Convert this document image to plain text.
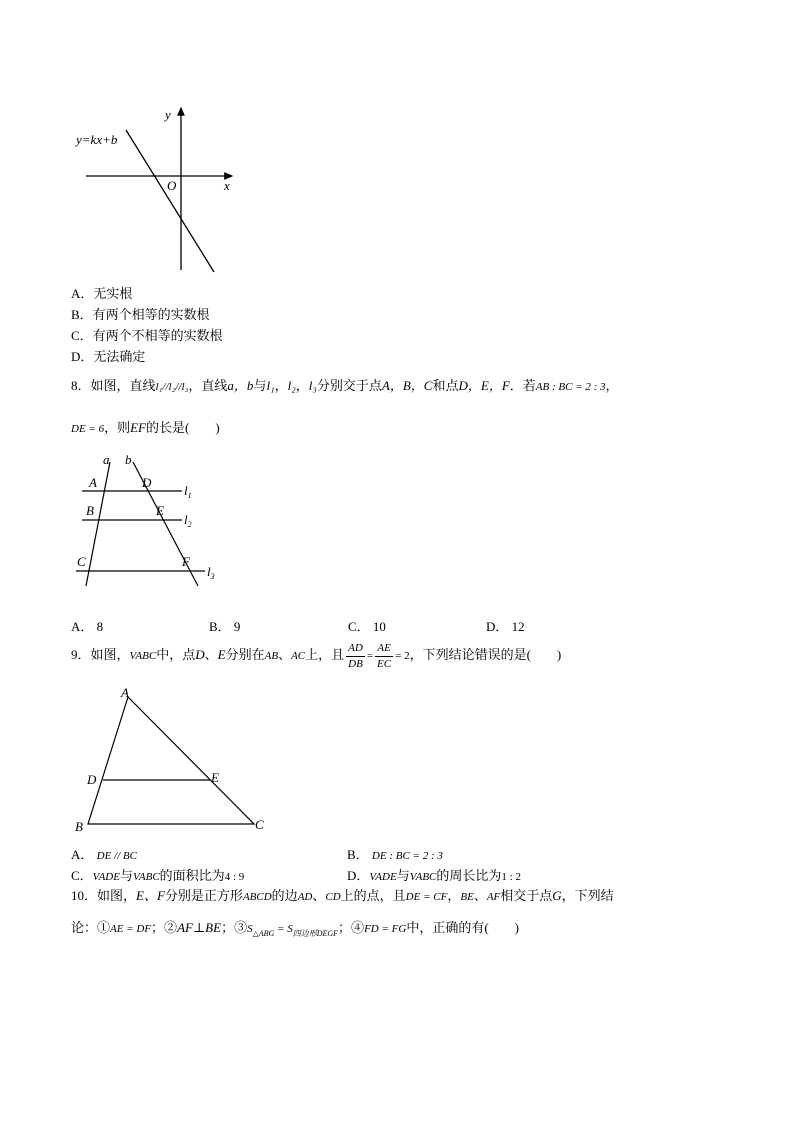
y=kx+b
y
x
O
A．无实根
B．有两个相等的实数根
C．有两个不相等的实数根
D．无法确定
8．如图，直线l₁//l₂//l₃，直线a，b与l₁，l₂，l₃分别交于点A，B，C和点D，E，F．若AB : BC = 2 : 3，
DE = 6，则EF的长是(　　)
a b
A	D
B	E
C	F
$l_1$
$l_2$
$l_3$
A． 8	B． 9	C． 10	D． 12
9．如图，VABC中，点D、E分别在AB、AC上，且 $\frac{AD}{DB} = \frac{AE}{EC} = 2$，下列结论错误的是(　　)
A
D	E
B	C
A． DE // BC	B． DE : BC = 2 : 3
C．VADE与VABC的面积比为4 : 9	D．VADE与VABC的周长比为1 : 2
10．如图，E、F分别是正方形ABCD的边AD、CD上的点，且DE = CF，BE、AF相交于点G，下列结
论：①AE = DF；②AF⊥BE；$③S_{\triangle ABG} = S_{四边形DEGF}$；④FD = FG中，正确的有(　　)
